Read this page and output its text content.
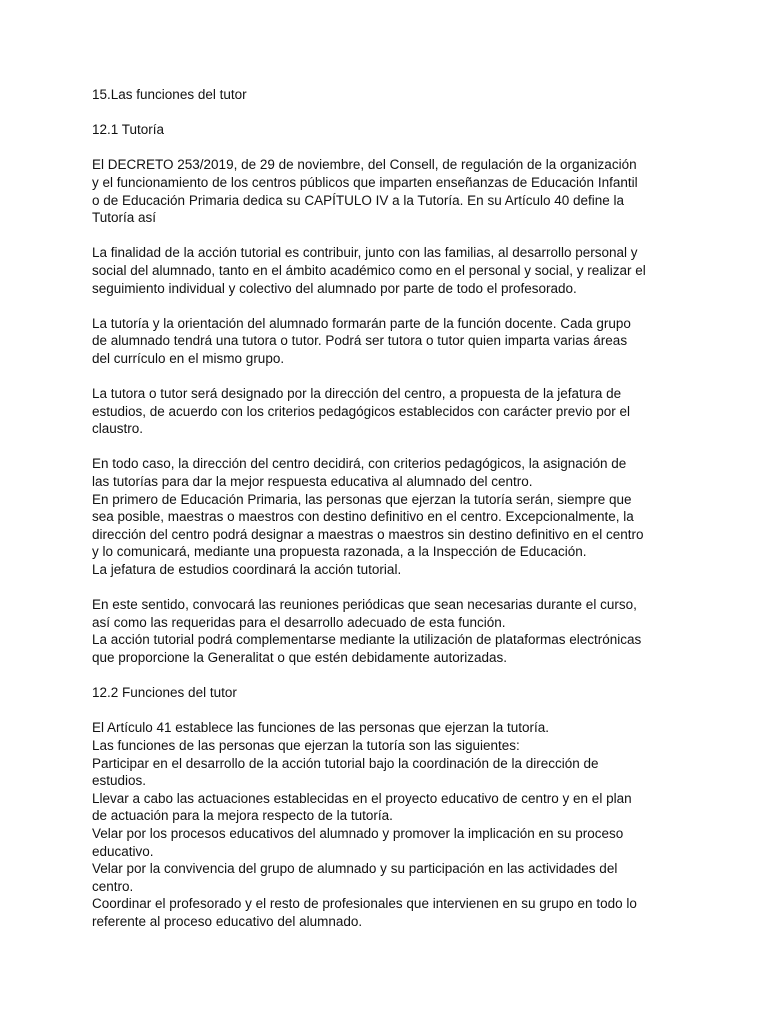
15.Las funciones del tutor
12.1 Tutoría
El DECRETO 253/2019, de 29 de noviembre, del Consell, de regulación de la organización
y el funcionamiento de los centros públicos que imparten enseñanzas de Educación Infantil
o de Educación Primaria dedica su CAPÍTULO IV a la Tutoría. En su Artículo 40 define la
Tutoría así
La finalidad de la acción tutorial es contribuir, junto con las familias, al desarrollo personal y
social del alumnado, tanto en el ámbito académico como en el personal y social, y realizar el
seguimiento individual y colectivo del alumnado por parte de todo el profesorado.
La tutoría y la orientación del alumnado formarán parte de la función docente. Cada grupo
de alumnado tendrá una tutora o tutor. Podrá ser tutora o tutor quien imparta varias áreas
del currículo en el mismo grupo.
La tutora o tutor será designado por la dirección del centro, a propuesta de la jefatura de
estudios, de acuerdo con los criterios pedagógicos establecidos con carácter previo por el
claustro.
En todo caso, la dirección del centro decidirá, con criterios pedagógicos, la asignación de
las tutorías para dar la mejor respuesta educativa al alumnado del centro.
En primero de Educación Primaria, las personas que ejerzan la tutoría serán, siempre que
sea posible, maestras o maestros con destino definitivo en el centro. Excepcionalmente, la
dirección del centro podrá designar a maestras o maestros sin destino definitivo en el centro
y lo comunicará, mediante una propuesta razonada, a la Inspección de Educación.
La jefatura de estudios coordinará la acción tutorial.
En este sentido, convocará las reuniones periódicas que sean necesarias durante el curso,
así como las requeridas para el desarrollo adecuado de esta función.
La acción tutorial podrá complementarse mediante la utilización de plataformas electrónicas
que proporcione la Generalitat o que estén debidamente autorizadas.
12.2 Funciones del tutor
El Artículo 41 establece las funciones de las personas que ejerzan la tutoría.
Las funciones de las personas que ejerzan la tutoría son las siguientes:
Participar en el desarrollo de la acción tutorial bajo la coordinación de la dirección de
estudios.
Llevar a cabo las actuaciones establecidas en el proyecto educativo de centro y en el plan
de actuación para la mejora respecto de la tutoría.
Velar por los procesos educativos del alumnado y promover la implicación en su proceso
educativo.
Velar por la convivencia del grupo de alumnado y su participación en las actividades del
centro.
Coordinar el profesorado y el resto de profesionales que intervienen en su grupo en todo lo
referente al proceso educativo del alumnado.
